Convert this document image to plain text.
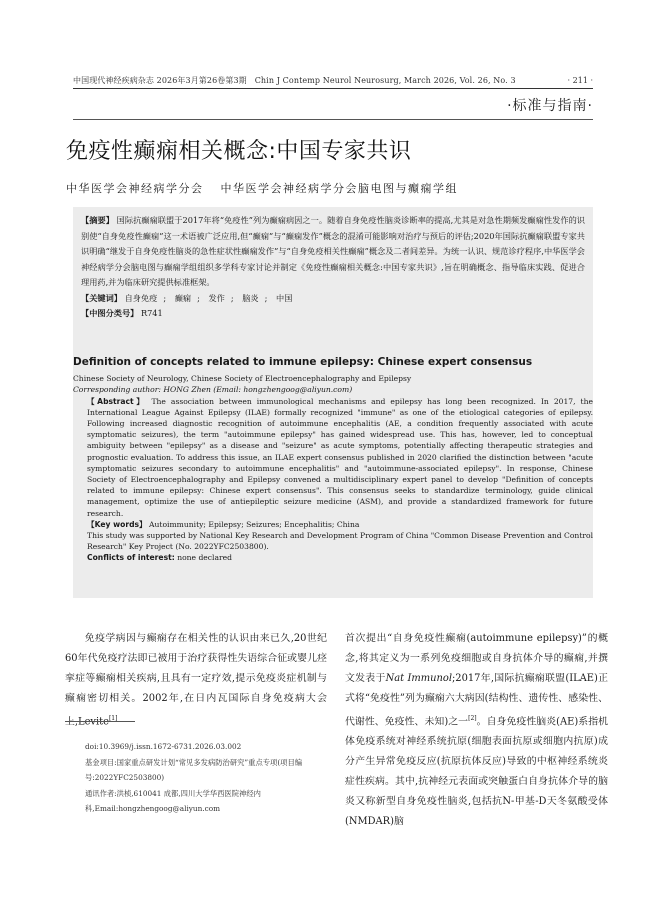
中国现代神经疾病杂志 2026年3月第26卷第3期 Chin J Contemp Neurol Neurosurg, March 2026, Vol. 26, No. 3	· 211 ·
·标准与指南·
免疫性癫痫相关概念:中国专家共识
中华医学会神经病学分会 中华医学会神经病学分会脑电图与癫痫学组
【摘要】 国际抗癫痫联盟于2017年将“免疫性”列为癫痫病因之一。随着自身免疫性脑炎诊断率的提高,尤其是对急性期频发癫痫性发作的识别使“自身免疫性癫痫”这一术语被广泛应用,但“癫痫”与“癫痫发作”概念的混淆可能影响对治疗与预后的评估;2020年国际抗癫痫联盟专家共识明确“继发于自身免疫性脑炎的急性症状性癫痫发作”与“自身免疫相关性癫痫”概念及二者间差异。为统一认识、规范诊疗程序,中华医学会神经病学分会脑电图与癫痫学组组织多学科专家讨论并制定《免疫性癫痫相关概念:中国专家共识》,旨在明确概念、指导临床实践、促进合理用药,并为临床研究提供标准框架。
【关键词】 自身免疫 ; 癫痫 ; 发作 ; 脑炎 ; 中国
【中图分类号】 R741
Definition of concepts related to immune epilepsy: Chinese expert consensus
Chinese Society of Neurology, Chinese Society of Electroencephalography and Epilepsy
Corresponding author: HONG Zhen (Email: hongzhengoog@aliyun.com)
【Abstract】 The association between immunological mechanisms and epilepsy has long been recognized. In 2017, the International League Against Epilepsy (ILAE) formally recognized "immune" as one of the etiological categories of epilepsy. Following increased diagnostic recognition of autoimmune encephalitis (AE, a condition frequently associated with acute symptomatic seizures), the term "autoimmune epilepsy" has gained widespread use. This has, however, led to conceptual ambiguity between "epilepsy" as a disease and "seizure" as acute symptoms, potentially affecting therapeutic strategies and prognostic evaluation. To address this issue, an ILAE expert consensus published in 2020 clarified the distinction between "acute symptomatic seizures secondary to autoimmune encephalitis" and "autoimmune-associated epilepsy". In response, Chinese Society of Electroencephalography and Epilepsy convened a multidisciplinary expert panel to develop "Definition of concepts related to immune epilepsy: Chinese expert consensus". This consensus seeks to standardize terminology, guide clinical management, optimize the use of antiepileptic seizure medicine (ASM), and provide a standardized framework for future research.
【Key words】 Autoimmunity; Epilepsy; Seizures; Encephalitis; China
This study was supported by National Key Research and Development Program of China "Common Disease Prevention and Control Research" Key Project (No. 2022YFC2503800).
Conflicts of interest: none declared

免疫学病因与癫痫存在相关性的认识由来已久,20世纪60年代免疫疗法即已被用于治疗获得性失语综合征或婴儿痉挛症等癫痫相关疾病,且具有一定疗效,提示免疫炎症机制与癫痫密切相关。2002年,在日内瓦国际自身免疫病大会上,Levite[1]

首次提出“自身免疫性癫痫(autoimmune epilepsy)”的概念,将其定义为一系列免疫细胞或自身抗体介导的癫痫,并撰文发表于Nat Immunol;2017年,国际抗癫痫联盟(ILAE)正式将“免疫性”列为癫痫六大病因(结构性、遗传性、感染性、代谢性、免疫性、未知)之一[2]。自身免疫性脑炎(AE)系指机体免疫系统对神经系统抗原(细胞表面抗原或细胞内抗原)成分产生异常免疫反应(抗原抗体反应)导致的中枢神经系统炎症性疾病。其中,抗神经元表面或突触蛋白自身抗体介导的脑炎又称新型自身免疫性脑炎,包括抗N-甲基-D天冬氨酸受体(NMDAR)脑

doi:10.3969/j.issn.1672-6731.2026.03.002
基金项目:国家重点研发计划“常见多发病防治研究”重点专项(项目编号:2022YFC2503800)
通讯作者:洪桢,610041 成都,四川大学华西医院神经内科,Email:hongzhengoog@aliyun.com
